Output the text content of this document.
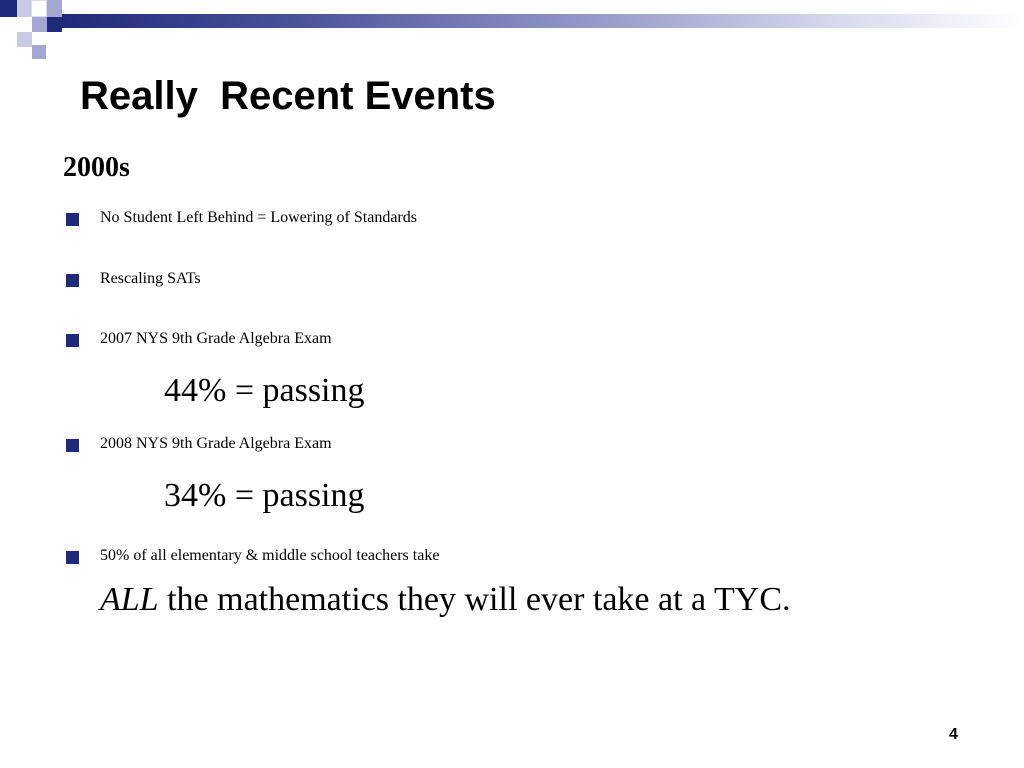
Really  Recent Events
2000s
No Student Left Behind = Lowering of Standards
Rescaling SATs
2007 NYS 9th Grade Algebra Exam
44% = passing
2008 NYS 9th Grade Algebra Exam
34% = passing
50% of all elementary & middle school teachers take
ALL the mathematics they will ever take at a TYC.
4
